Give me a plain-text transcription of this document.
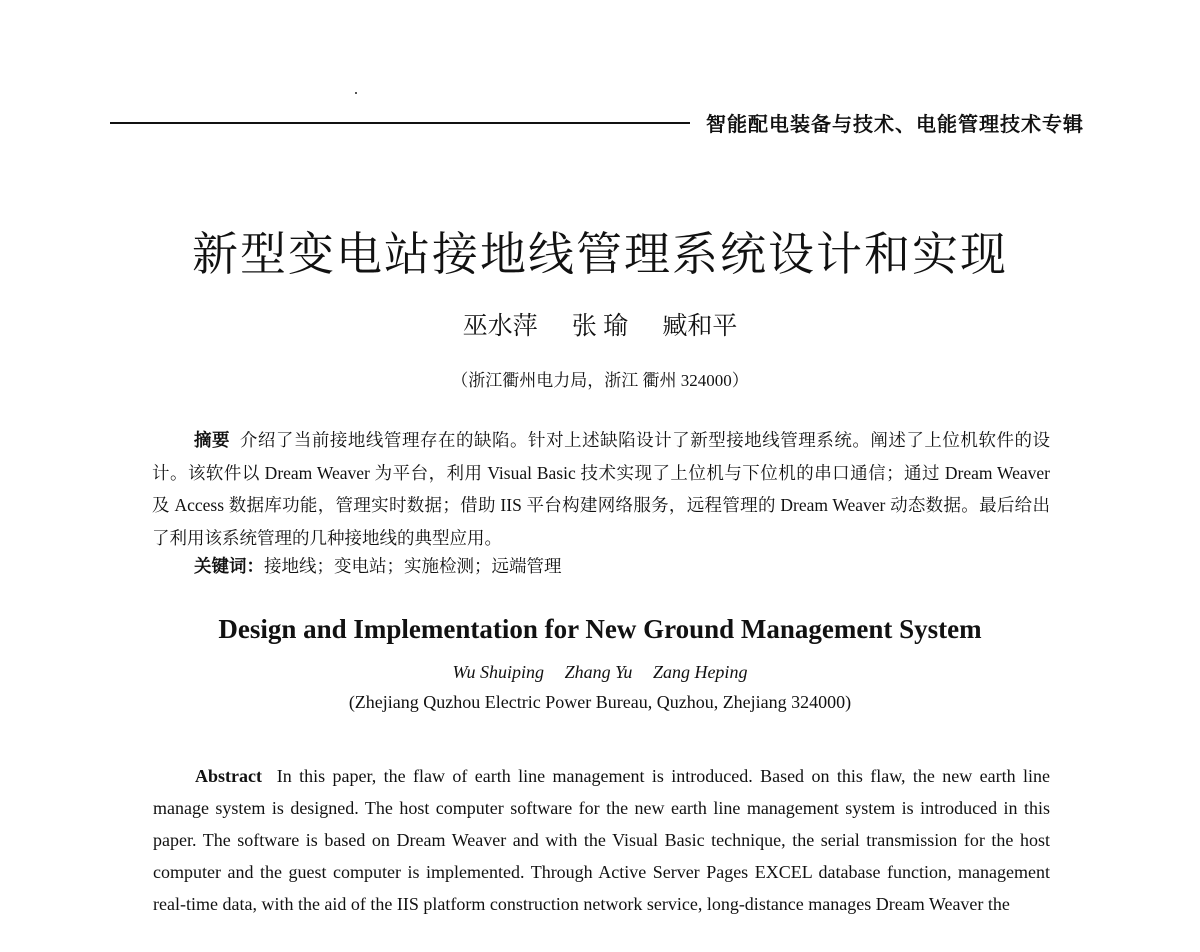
智能配电装备与技术、电能管理技术专辑
新型变电站接地线管理系统设计和实现
巫水萍 张 瑜 臧和平
（浙江衢州电力局，浙江 衢州 324000）
摘要 介绍了当前接地线管理存在的缺陷。针对上述缺陷设计了新型接地线管理系统。阐述了上位机软件的设计。该软件以 Dream Weaver 为平台，利用 Visual Basic 技术实现了上位机与下位机的串口通信；通过 Dream Weaver 及 Access 数据库功能，管理实时数据；借助 IIS 平台构建网络服务，远程管理的 Dream Weaver 动态数据。最后给出了利用该系统管理的几种接地线的典型应用。
关键词：接地线；变电站；实施检测；远端管理
Design and Implementation for New Ground Management System
Wu Shuiping Zhang Yu Zang Heping
(Zhejiang Quzhou Electric Power Bureau, Quzhou, Zhejiang 324000)
Abstract In this paper, the flaw of earth line management is introduced. Based on this flaw, the new earth line manage system is designed. The host computer software for the new earth line management system is introduced in this paper. The software is based on Dream Weaver and with the Visual Basic technique, the serial transmission for the host computer and the guest computer is implemented. Through Active Server Pages EXCEL database function, management real-time data, with the aid of the IIS platform construction network service, long-distance manages Dream Weaver the
